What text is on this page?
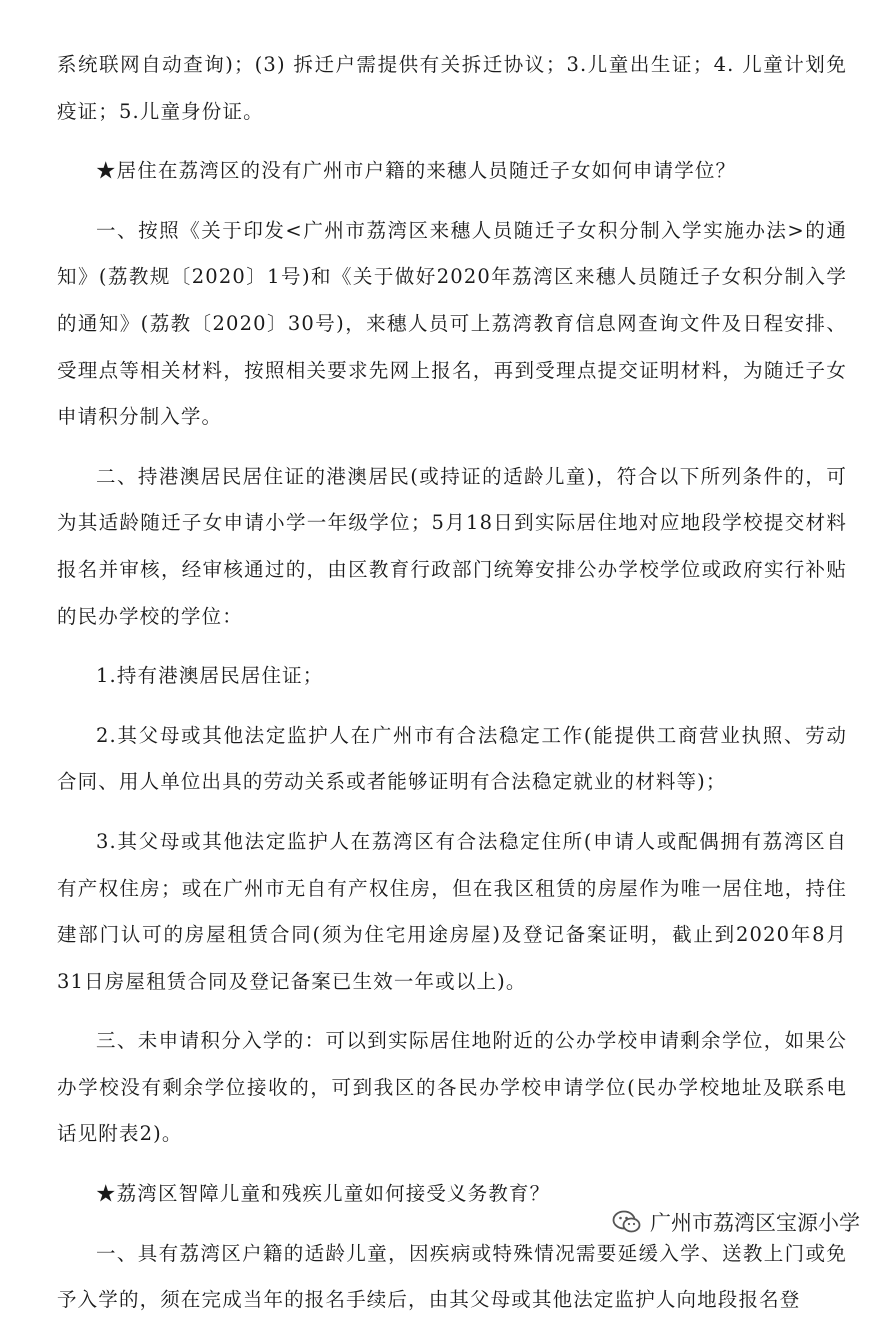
系统联网自动查询)；(3) 拆迁户需提供有关拆迁协议；3.儿童出生证；4. 儿童计划免疫证；5.儿童身份证。

★居住在荔湾区的没有广州市户籍的来穗人员随迁子女如何申请学位？

一、按照《关于印发<广州市荔湾区来穗人员随迁子女积分制入学实施办法>的通知》(荔教规〔2020〕1号)和《关于做好2020年荔湾区来穗人员随迁子女积分制入学的通知》(荔教〔2020〕30号)，来穗人员可上荔湾教育信息网查询文件及日程安排、受理点等相关材料，按照相关要求先网上报名，再到受理点提交证明材料，为随迁子女申请积分制入学。

二、持港澳居民居住证的港澳居民(或持证的适龄儿童)，符合以下所列条件的，可为其适龄随迁子女申请小学一年级学位；5月18日到实际居住地对应地段学校提交材料报名并审核，经审核通过的，由区教育行政部门统筹安排公办学校学位或政府实行补贴的民办学校的学位：

1.持有港澳居民居住证；

2.其父母或其他法定监护人在广州市有合法稳定工作(能提供工商营业执照、劳动合同、用人单位出具的劳动关系或者能够证明有合法稳定就业的材料等)；

3.其父母或其他法定监护人在荔湾区有合法稳定住所(申请人或配偶拥有荔湾区自有产权住房；或在广州市无自有产权住房，但在我区租赁的房屋作为唯一居住地，持住建部门认可的房屋租赁合同(须为住宅用途房屋)及登记备案证明，截止到2020年8月31日房屋租赁合同及登记备案已生效一年或以上)。

三、未申请积分入学的：可以到实际居住地附近的公办学校申请剩余学位，如果公办学校没有剩余学位接收的，可到我区的各民办学校申请学位(民办学校地址及联系电话见附表2)。

★荔湾区智障儿童和残疾儿童如何接受义务教育？

一、具有荔湾区户籍的适龄儿童，因疾病或特殊情况需要延缓入学、送教上门或免予入学的，须在完成当年的报名手续后，由其父母或其他法定监护人向地段报名登

广州市荔湾区宝源小学
